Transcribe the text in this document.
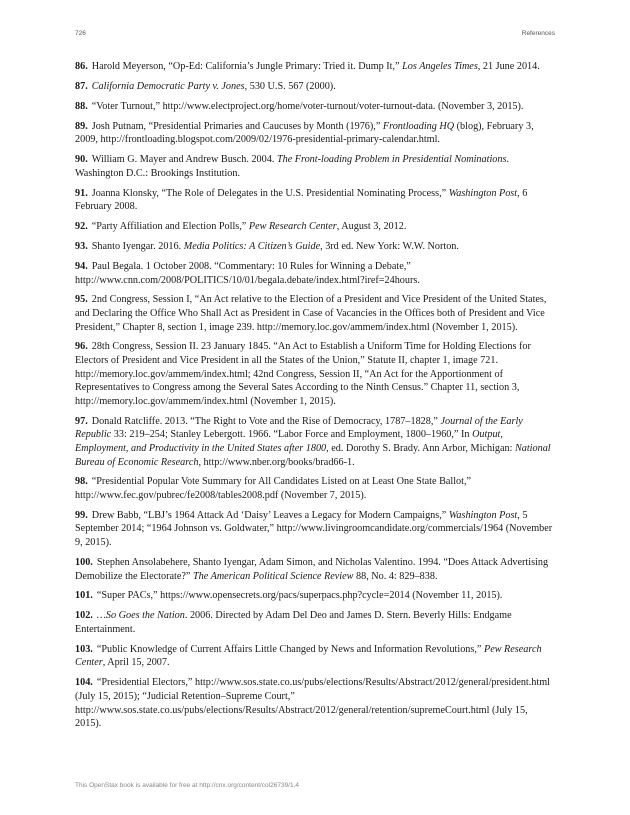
726	References

86. Harold Meyerson, “Op-Ed: California’s Jungle Primary: Tried it. Dump It,” Los Angeles Times, 21 June 2014.

87. California Democratic Party v. Jones, 530 U.S. 567 (2000).

88. “Voter Turnout,” http://www.electproject.org/home/voter-turnout/voter-turnout-data. (November 3, 2015).

89. Josh Putnam, “Presidential Primaries and Caucuses by Month (1976),” Frontloading HQ (blog), February 3, 2009, http://frontloading.blogspot.com/2009/02/1976-presidential-primary-calendar.html.

90. William G. Mayer and Andrew Busch. 2004. The Front-loading Problem in Presidential Nominations. Washington D.C.: Brookings Institution.

91. Joanna Klonsky, “The Role of Delegates in the U.S. Presidential Nominating Process,” Washington Post, 6 February 2008.

92. “Party Affiliation and Election Polls,” Pew Research Center, August 3, 2012.

93. Shanto Iyengar. 2016. Media Politics: A Citizen’s Guide, 3rd ed. New York: W.W. Norton.

94. Paul Begala. 1 October 2008. “Commentary: 10 Rules for Winning a Debate,” http://www.cnn.com/2008/POLITICS/10/01/begala.debate/index.html?iref=24hours.

95. 2nd Congress, Session I, “An Act relative to the Election of a President and Vice President of the United States, and Declaring the Office Who Shall Act as President in Case of Vacancies in the Offices both of President and Vice President,” Chapter 8, section 1, image 239. http://memory.loc.gov/ammem/index.html (November 1, 2015).

96. 28th Congress, Session II. 23 January 1845. “An Act to Establish a Uniform Time for Holding Elections for Electors of President and Vice President in all the States of the Union,” Statute II, chapter 1, image 721. http://memory.loc.gov/ammem/index.html; 42nd Congress, Session II, “An Act for the Apportionment of Representatives to Congress among the Several Sates According to the Ninth Census.” Chapter 11, section 3, http://memory.loc.gov/ammem/index.html (November 1, 2015).

97. Donald Ratcliffe. 2013. “The Right to Vote and the Rise of Democracy, 1787–1828,” Journal of the Early Republic 33: 219–254; Stanley Lebergott. 1966. “Labor Force and Employment, 1800–1960,” In Output, Employment, and Productivity in the United States after 1800, ed. Dorothy S. Brady. Ann Arbor, Michigan: National Bureau of Economic Research, http://www.nber.org/books/brad66-1.

98. “Presidential Popular Vote Summary for All Candidates Listed on at Least One State Ballot,” http://www.fec.gov/pubrec/fe2008/tables2008.pdf (November 7, 2015).

99. Drew Babb, “LBJ’s 1964 Attack Ad ‘Daisy’ Leaves a Legacy for Modern Campaigns,” Washington Post, 5 September 2014; “1964 Johnson vs. Goldwater,” http://www.livingroomcandidate.org/commercials/1964 (November 9, 2015).

100. Stephen Ansolabehere, Shanto Iyengar, Adam Simon, and Nicholas Valentino. 1994. “Does Attack Advertising Demobilize the Electorate?” The American Political Science Review 88, No. 4: 829–838.

101. “Super PACs,” https://www.opensecrets.org/pacs/superpacs.php?cycle=2014 (November 11, 2015).

102. …So Goes the Nation. 2006. Directed by Adam Del Deo and James D. Stern. Beverly Hills: Endgame Entertainment.

103. “Public Knowledge of Current Affairs Little Changed by News and Information Revolutions,” Pew Research Center, April 15, 2007.

104. “Presidential Electors,” http://www.sos.state.co.us/pubs/elections/Results/Abstract/2012/general/president.html (July 15, 2015); “Judicial Retention–Supreme Court,” http://www.sos.state.co.us/pubs/elections/Results/Abstract/2012/general/retention/supremeCourt.html (July 15, 2015).

This OpenStax book is available for free at http://cnx.org/content/col26739/1.4
